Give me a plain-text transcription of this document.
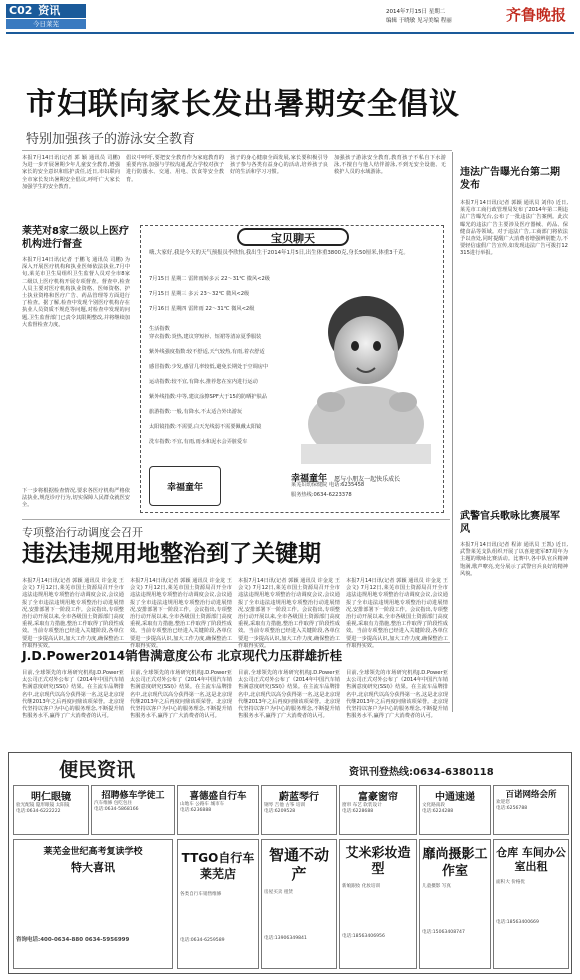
C02 资讯
今日莱芜
2014年7月15日 星期二
编辑 于晓敏 见习美编 程丽	齐鲁晚报
市妇联向家长发出暑期安全倡议
特别加强孩子的游泳安全教育
本报7月14日讯(记者 郭 颖 通讯员 司鹏) 为进一步开展暑期少年儿童安全教育,增强家长的安全意识和监护责任,近日,市妇联向全市家长发出暑期安全倡议,呼吁广大家长加强学生的安全教育。
倡议中呼吁,要把安全教育作为家庭教育的重要内容,加强与学校沟通,配合学校对孩子进行防溺水、交通、用电、饮食等安全教育。
孩子的身心健康全面发展,家长要积极引导孩子参与各类有益身心的活动,培养孩子良好的生活和学习习惯。
加强孩子游泳安全教育,教育孩子不私自下水游泳,不擅自与他人结伴游泳,不到无安全设施、无救护人员的水域游泳。
莱芜对8家二级以上医疗机构进行督查
本报7月14日讯(记者 于鹏飞 通讯员 司鹏) 为深入开展医疗机构和执业医师依法执业,7月中旬,莱芜市卫生局组织卫生监督人员对全市8家二级以上医疗机构开展专项督查。督查中,检查人员主要对医疗机构执业资格、医师资格、护士执业资格和医疗广告、药品管理等方面进行了检查。据了解,检查中发现个别医疗机构存在执业人员资质不规范等问题,对检查中发现的问题,卫生监督部门已责令其限期整改,并将继续加大监督检查力度。
下一步将根据检查情况,要求各医疗机构严格依法执业,规范诊疗行为,切实保障人民群众就医安全。
宝贝聊天
嗨,大家好,我是今天的天气预报员李欣怡,我出生于2014年1月5日,出生体重3800克,身长50厘米,体重3千克。
7月15日 星期二 雷阵雨转多云 22～31℃ 微风<2级
7月15日 星期三 多云 23～32℃ 微风<2级
7月16日 星期四 雷阵雨 22～31℃ 微风<2级
生活指数
穿衣指数:炎热,建议穿短衫、短裙等清凉夏季服装
紫外线强度指数:较不舒适,天气较热,有雨,着衣舒适
感冒指数:少发,感冒几率较低,避免长期处于空调房中
运动指数:较不宜,有降水,推荐您在室内进行运动
紫外线指数:中等,建议涂擦SPF大于15的防晒护肤品
旅游指数:一般,有降水,不太适合外出游玩
太阳镜指数:不需要,白天光线弱不需要佩戴太阳镜
洗车指数:不宜,有雨,雨水和泥水会弄脏爱车
幸福童年
幸福童年 愿与小朋友一起快乐成长
莱芜妇幼保健院 电话:6235458
服务热线:0634-6223378
违法广告曝光台第二期发布
本报7月14日讯(记者 郭颖 通讯员 刘伟) 近日,莱芜市工商行政管理局发布了2014年第二期违法广告曝光台,公布了一批违法广告案例。此次曝光的违法广告主要涉及医疗器械、药品、保健食品等领域。对于违法广告,工商部门将依法予以查处,同时提醒广大消费者增强辨别能力,不要轻信虚假广告宣传,如发现违法广告可拨打12315进行举报。
武警官兵歌咏比赛展军风
本报7月14日讯(记者 程沛 通讯员 王凯) 近日,武警莱芜支队组织开展了以喜迎建军87周年为主题的歌咏比赛活动。比赛中,各中队官兵精神饱满,歌声嘹亮,充分展示了武警官兵良好的精神风貌。
专项整治行动调度会召开
违法违规用地整治到了关键期
本报7月14日讯(记者 郭颖 通讯员 许金龙 王会文) 7月12日,莱芜市国土资源局召开全市违法违规用地专项整治行动调度会议,会议通报了全市违法违规用地专项整治行动进展情况,安排部署下一阶段工作。会议指出,专项整治行动开展以来,全市各级国土资源部门高度重视,采取有力措施,整治工作取得了阶段性成效。当前专项整治已经进入关键阶段,各单位要进一步提高认识,加大工作力度,确保整治工作取得实效。
本报7月14日讯(记者 郭颖 通讯员 许金龙 王会文) 7月12日,莱芜市国土资源局召开全市违法违规用地专项整治行动调度会议,会议通报了全市违法违规用地专项整治行动进展情况,安排部署下一阶段工作。会议指出,专项整治行动开展以来,全市各级国土资源部门高度重视,采取有力措施,整治工作取得了阶段性成效。当前专项整治已经进入关键阶段,各单位要进一步提高认识,加大工作力度,确保整治工作取得实效。
本报7月14日讯(记者 郭颖 通讯员 许金龙 王会文) 7月12日,莱芜市国土资源局召开全市违法违规用地专项整治行动调度会议,会议通报了全市违法违规用地专项整治行动进展情况,安排部署下一阶段工作。会议指出,专项整治行动开展以来,全市各级国土资源部门高度重视,采取有力措施,整治工作取得了阶段性成效。当前专项整治已经进入关键阶段,各单位要进一步提高认识,加大工作力度,确保整治工作取得实效。
本报7月14日讯(记者 郭颖 通讯员 许金龙 王会文) 7月12日,莱芜市国土资源局召开全市违法违规用地专项整治行动调度会议,会议通报了全市违法违规用地专项整治行动进展情况,安排部署下一阶段工作。会议指出,专项整治行动开展以来,全市各级国土资源部门高度重视,采取有力措施,整治工作取得了阶段性成效。当前专项整治已经进入关键阶段,各单位要进一步提高认识,加大工作力度,确保整治工作取得实效。
J.D.Power2014销售满意度公布 北京现代力压群雄折桂
目前,全球领先的市场研究机构J.D.Power亚太公司正式对外公布了《2014年中国汽车销售满意度研究(SSI)》结果。在主流车品牌排名中,北京现代以高分获得第一名,这是北京现代继2013年之后再度问鼎该项荣誉。北京现代坚持以客户为中心的服务理念,不断提升销售服务水平,赢得了广大消费者的认可。
目前,全球领先的市场研究机构J.D.Power亚太公司正式对外公布了《2014年中国汽车销售满意度研究(SSI)》结果。在主流车品牌排名中,北京现代以高分获得第一名,这是北京现代继2013年之后再度问鼎该项荣誉。北京现代坚持以客户为中心的服务理念,不断提升销售服务水平,赢得了广大消费者的认可。
目前,全球领先的市场研究机构J.D.Power亚太公司正式对外公布了《2014年中国汽车销售满意度研究(SSI)》结果。在主流车品牌排名中,北京现代以高分获得第一名,这是北京现代继2013年之后再度问鼎该项荣誉。北京现代坚持以客户为中心的服务理念,不断提升销售服务水平,赢得了广大消费者的认可。
目前,全球领先的市场研究机构J.D.Power亚太公司正式对外公布了《2014年中国汽车销售满意度研究(SSI)》结果。在主流车品牌排名中,北京现代以高分获得第一名,这是北京现代继2013年之后再度问鼎该项荣誉。北京现代坚持以客户为中心的服务理念,不断提升销售服务水平,赢得了广大消费者的认可。
便民资讯	资讯刊登热线:0634-6380118
明仁眼镜
验光配镜 隐形眼镜 太阳镜
电话:0634-6222222
招聘修车学徒工
汽车维修 包吃包住
电话:0634-5868166
喜德盛自行车
山地车 公路车 城市车
电话:6236888
蔚蓝琴行
钢琴 吉他 古筝 培训
电话:6209528
富豪窗帘
窗帘 布艺 软装设计
电话:6228688
中通速递
文化路南段
电话:6224288
百诺网络会所
欢迎您
电话:6256788
莱芜金世纪高考复读学校
特大喜讯
咨询电话:400-0634-880 0634-5956999
TTGO自行车莱芜店
各类自行车销售维修
电话:0634-6259589
智通不动产
房屋买卖 租赁
电话:13906349841
艾米彩妆造型
新娘跟妆 化妆培训
电话:18563406956
靡尚摄影工作室
儿童摄影 写真
电话:15063408747
仓库 车间办公室出租
面积大 价格优
电话:18563400669
